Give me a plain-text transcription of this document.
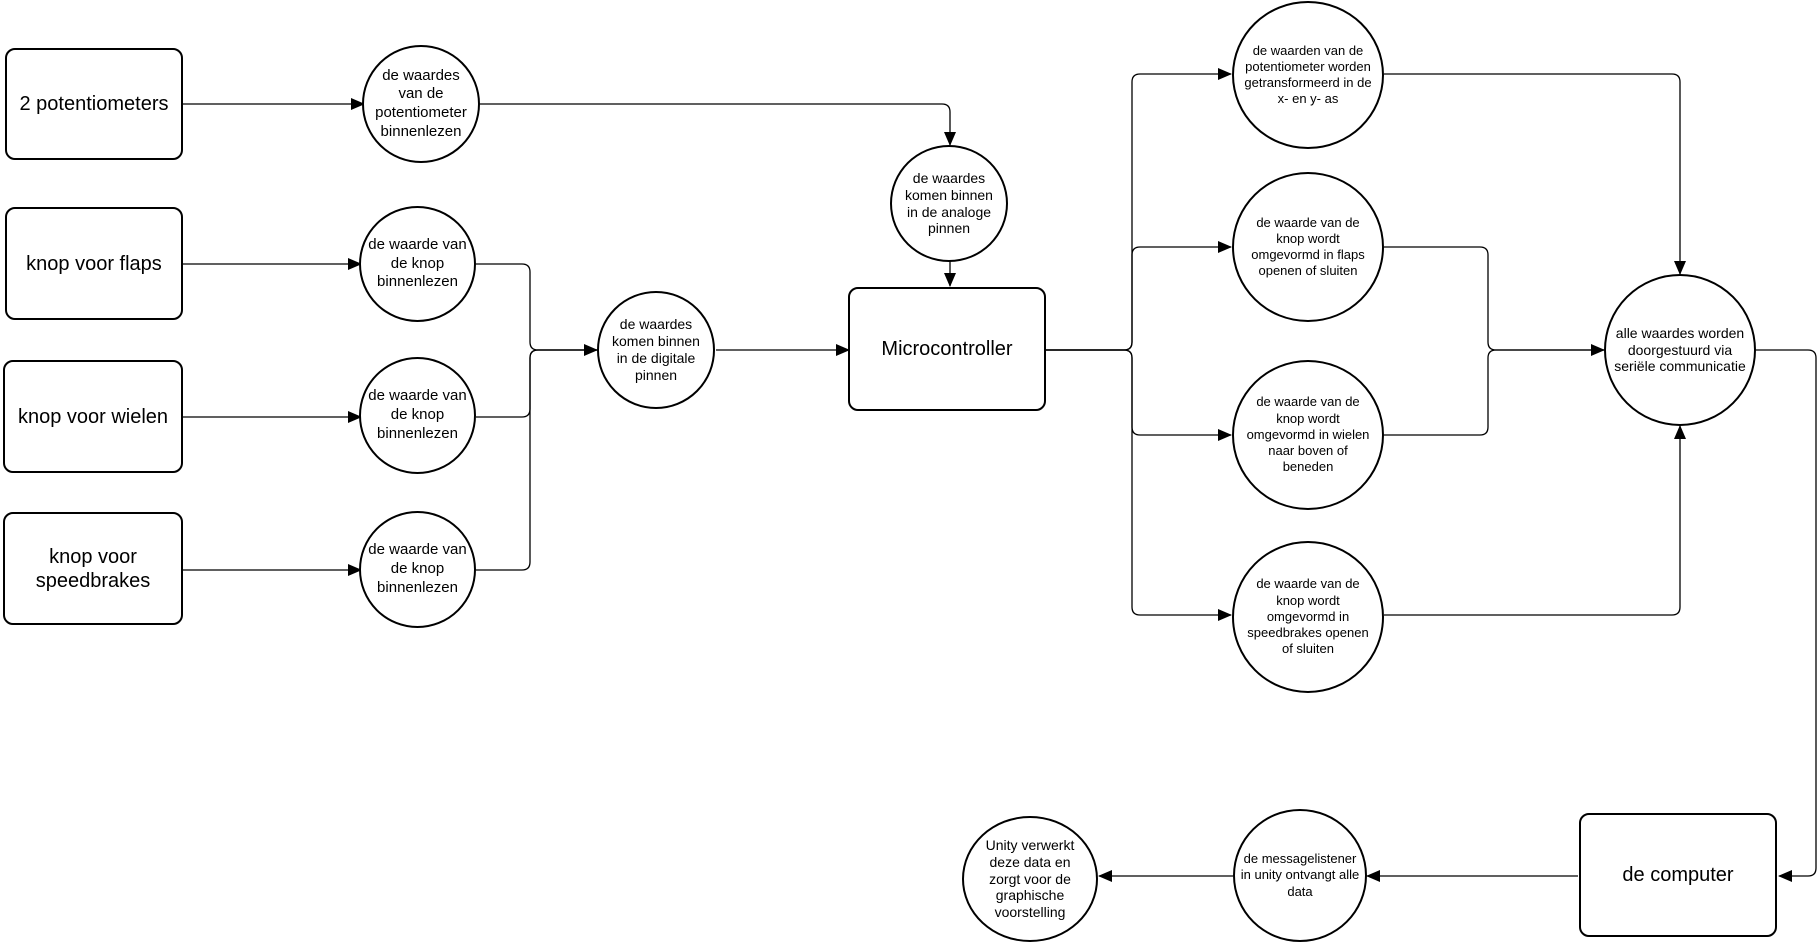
2 potentiometers
knop voor flaps
knop voor wielen
knop voor speedbrakes
de waardes van de potentiometer binnenlezen
de waarde van de knop binnenlezen
de waarde van de knop binnenlezen
de waarde van de knop binnenlezen
de waardes komen binnen in de analoge pinnen
de waardes komen binnen in de digitale pinnen
Microcontroller
de waarden van de potentiometer worden getransformeerd in de x- en y- as
de waarde van de knop wordt omgevormd in flaps openen of sluiten
de waarde van de knop wordt omgevormd in wielen naar boven of beneden
de waarde van de knop wordt omgevormd in speedbrakes openen of sluiten
alle waardes worden doorgestuurd via seriële communicatie
de computer
de messagelistener in unity ontvangt alle data
Unity verwerkt deze data en zorgt voor de graphische voorstelling
